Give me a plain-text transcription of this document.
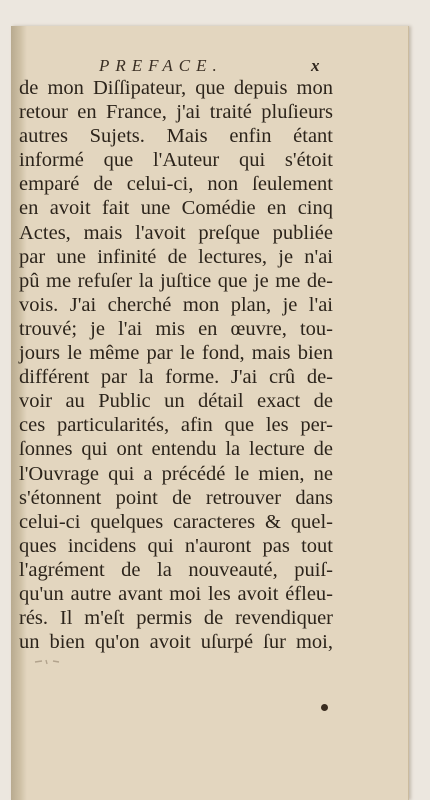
PREFACE.	x
de mon Diſſipateur, que depuis mon
retour en France, j'ai traité pluſieurs
autres Sujets. Mais enfin étant
informé que l'Auteur qui s'étoit
emparé de celui-ci, non ſeulement
en avoit fait une Comédie en cinq
Actes, mais l'avoit preſque publiée
par une infinité de lectures, je n'ai
pû me refuſer la juſtice que je me de-
vois. J'ai cherché mon plan, je l'ai
trouvé; je l'ai mis en œuvre, tou-
jours le même par le fond, mais bien
différent par la forme. J'ai crû de-
voir au Public un détail exact de
ces particularités, afin que les per-
ſonnes qui ont entendu la lecture de
l'Ouvrage qui a précédé le mien, ne
s'étonnent point de retrouver dans
celui-ci quelques caracteres & quel-
ques incidens qui n'auront pas tout
l'agrément de la nouveauté, puiſ-
qu'un autre avant moi les avoit éfleu-
rés. Il m'eſt permis de revendiquer
un bien qu'on avoit uſurpé ſur moi,
